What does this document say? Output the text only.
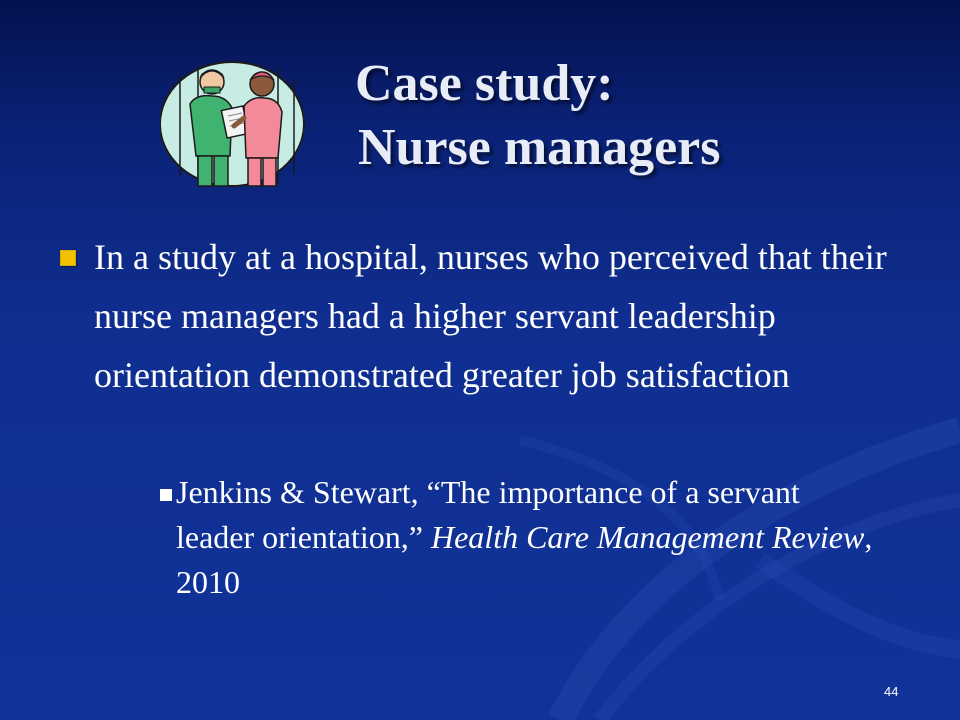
Case study:
Nurse managers
In a study at a hospital, nurses who perceived that their nurse managers had a higher servant leadership orientation demonstrated greater job satisfaction
Jenkins & Stewart, “The importance of a servant leader orientation,” Health Care Management Review, 2010
44
